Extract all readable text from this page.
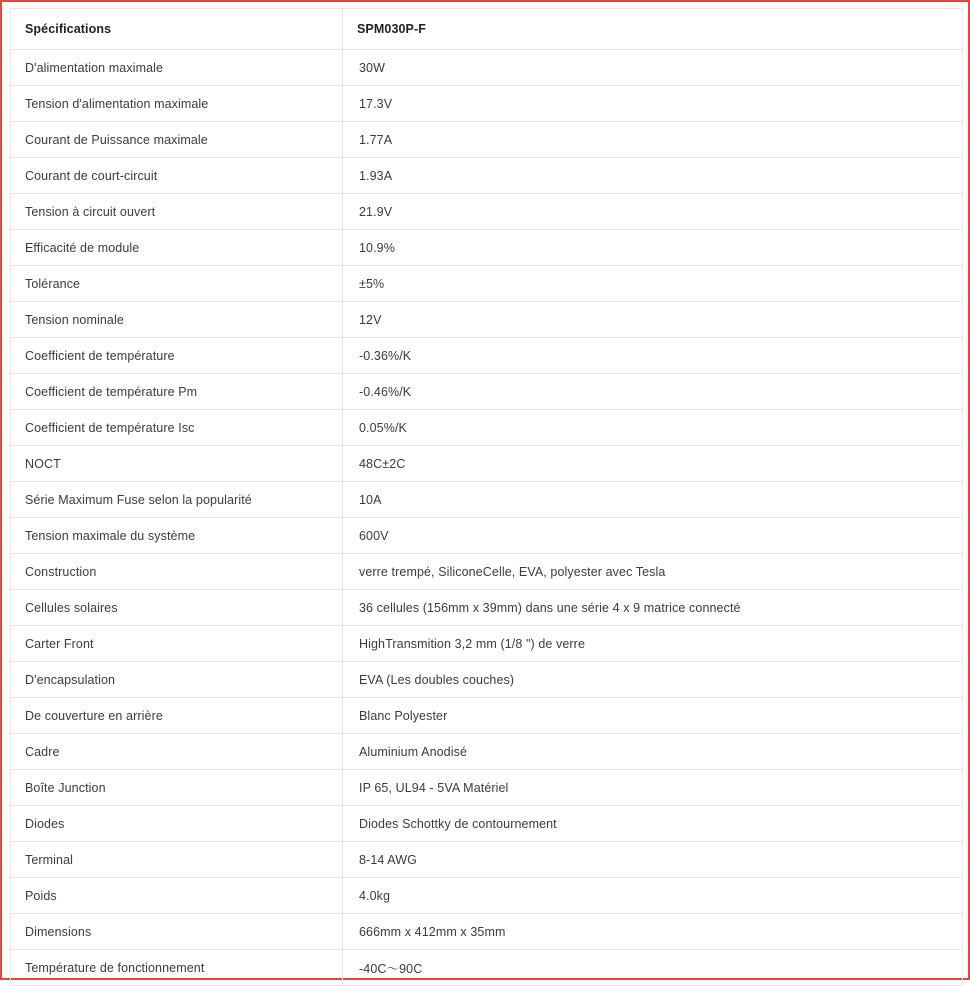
Spécifications	SPM030P-F
D'alimentation maximale	30W
Tension d'alimentation maximale	17.3V
Courant de Puissance maximale	1.77A
Courant de court-circuit	1.93A
Tension à circuit ouvert	21.9V
Efficacité de module	10.9%
Tolérance	±5%
Tension nominale	12V
Coefficient de température	-0.36%/K
Coefficient de température Pm	-0.46%/K
Coefficient de température Isc	0.05%/K
NOCT	48C±2C
Série Maximum Fuse selon la popularité	10A
Tension maximale du système	600V
Construction	verre trempé, SiliconeCelle, EVA, polyester avec Tesla
Cellules solaires	36 cellules (156mm x 39mm) dans une série 4 x 9 matrice connecté
Carter Front	HighTransmition 3,2 mm (1/8 ") de verre
D'encapsulation	EVA (Les doubles couches)
De couverture en arrière	Blanc Polyester
Cadre	Aluminium Anodisé
Boîte Junction	IP 65, UL94 - 5VA Matériel
Diodes	Diodes Schottky de contournement
Terminal	8-14 AWG
Poids	4.0kg
Dimensions	666mm x 412mm x 35mm
Température de fonctionnement	-40C〜90C
